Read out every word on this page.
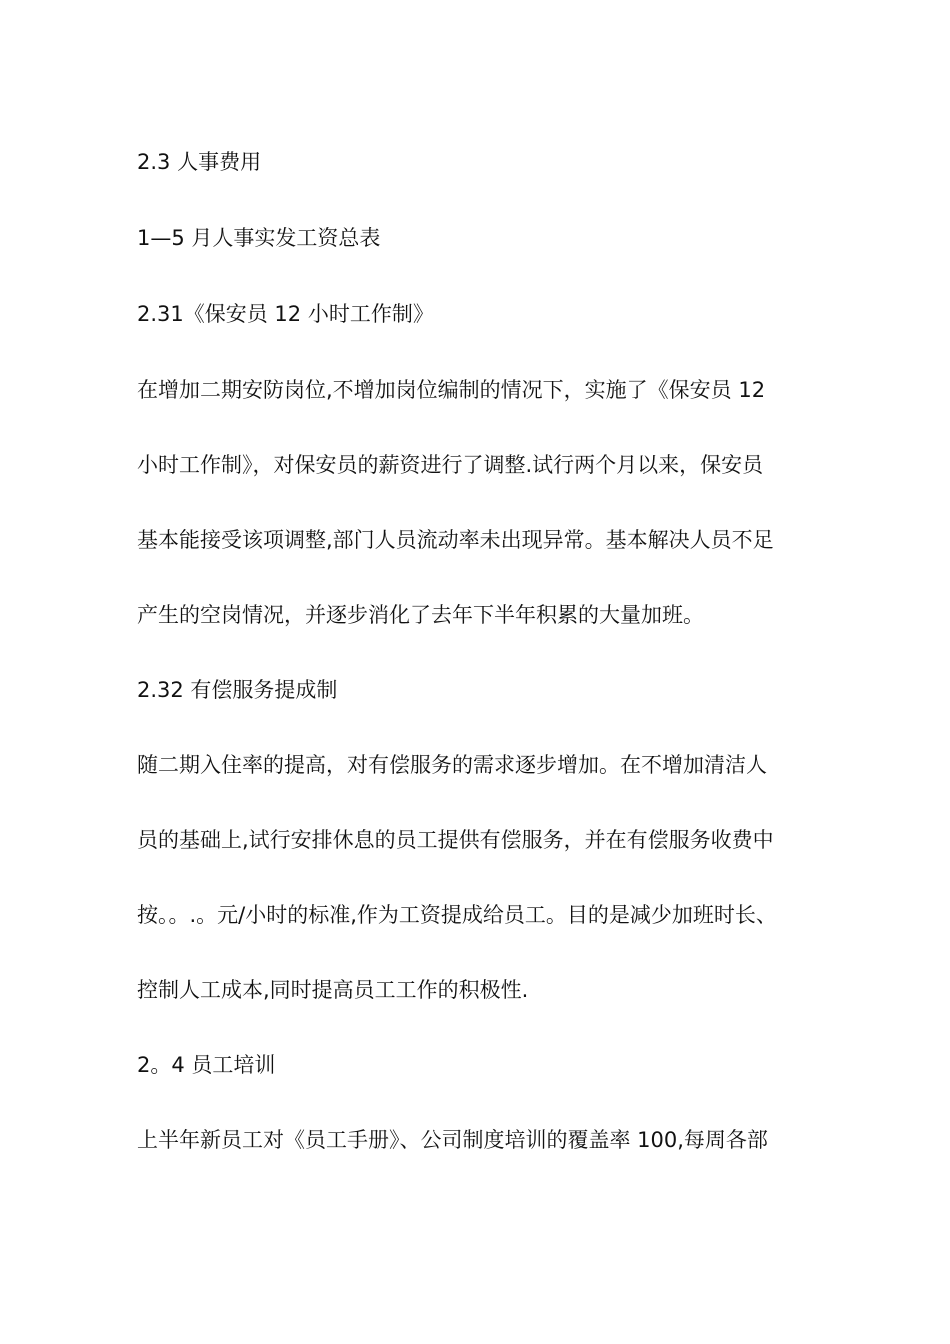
2.3 人事费用

1—5 月人事实发工资总表

2.31《保安员 12 小时工作制》

在增加二期安防岗位,不增加岗位编制的情况下，实施了《保安员 12

小时工作制》，对保安员的薪资进行了调整.试行两个月以来，保安员

基本能接受该项调整,部门人员流动率未出现异常。基本解决人员不足

产生的空岗情况，并逐步消化了去年下半年积累的大量加班。

2.32 有偿服务提成制

随二期入住率的提高，对有偿服务的需求逐步增加。在不增加清洁人

员的基础上,试行安排休息的员工提供有偿服务，并在有偿服务收费中

按。。.。元/小时的标准,作为工资提成给员工。目的是减少加班时长、

控制人工成本,同时提高员工工作的积极性.

2。4 员工培训

上半年新员工对《员工手册》、公司制度培训的覆盖率 100,每周各部
